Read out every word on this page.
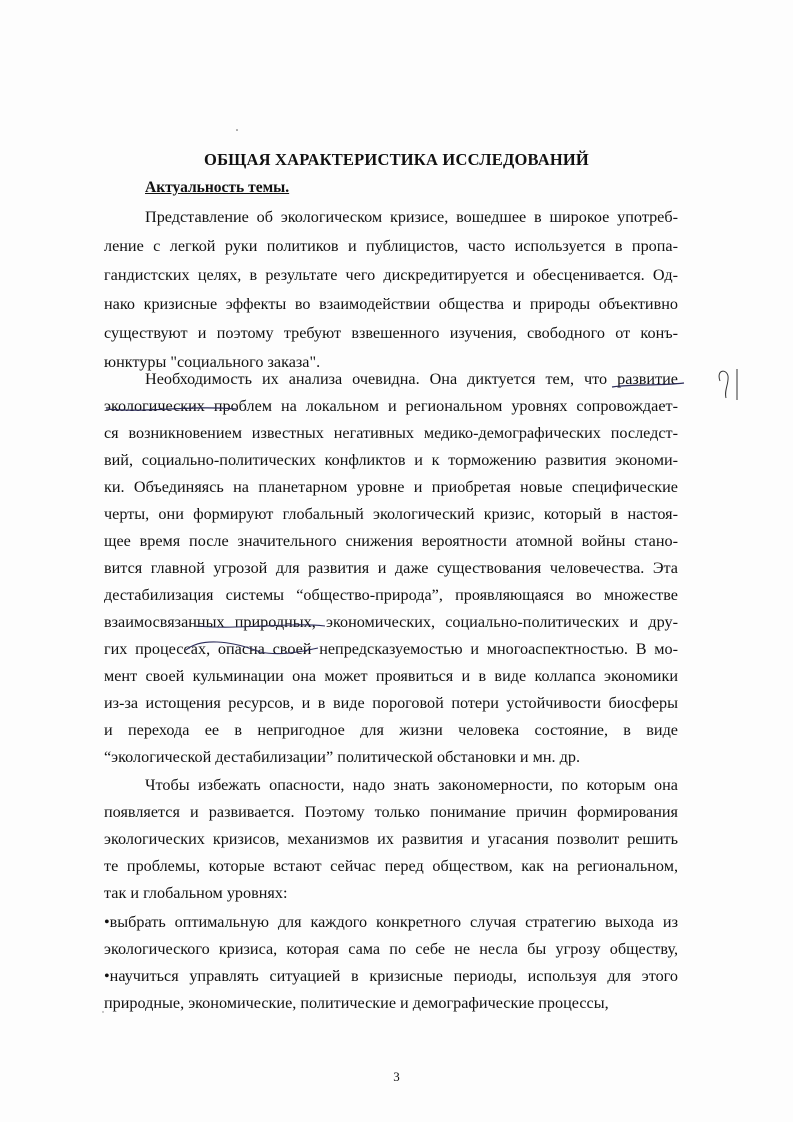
ОБЩАЯ ХАРАКТЕРИСТИКА ИССЛЕДОВАНИЙ
Актуальность темы.
Представление об экологическом кризисе, вошедшее в широкое употреб-
ление с легкой руки политиков и публицистов, часто используется в пропа-
гандистских целях, в результате чего дискредитируется и обесценивается. Од-
нако кризисные эффекты во взаимодействии общества и природы объективно
существуют и поэтому требуют взвешенного изучения, свободного от конъ-
юнктуры "социального заказа".
Необходимость их анализа очевидна. Она диктуется тем, что развитие
экологических проблем на локальном и региональном уровнях сопровождает-
ся возникновением известных негативных медико-демографических последст-
вий, социально-политических конфликтов и к торможению развития экономи-
ки. Объединяясь на планетарном уровне и приобретая новые специфические
черты, они формируют глобальный экологический кризис, который в настоя-
щее время после значительного снижения вероятности атомной войны стано-
вится главной угрозой для развития и даже существования человечества. Эта
дестабилизация системы “общество-природа”, проявляющаяся во множестве
взаимосвязанных природных, экономических, социально-политических и дру-
гих процессах, опасна своей непредсказуемостью и многоаспектностью. В мо-
мент своей кульминации она может проявиться и в виде коллапса экономики
из-за истощения ресурсов, и в виде пороговой потери устойчивости биосферы
и перехода ее в непригодное для жизни человека состояние, в виде
“экологической дестабилизации” политической обстановки и мн. др.
Чтобы избежать опасности, надо знать закономерности, по которым она
появляется и развивается. Поэтому только понимание причин формирования
экологических кризисов, механизмов их развития и угасания позволит решить
те проблемы, которые встают сейчас перед обществом, как на региональном,
так и глобальном уровнях:
•выбрать оптимальную для каждого конкретного случая стратегию выхода из
экологического кризиса, которая сама по себе не несла бы угрозу обществу,
•научиться управлять ситуацией в кризисные периоды, используя для этого
природные, экономические, политические и демографические процессы,
3
